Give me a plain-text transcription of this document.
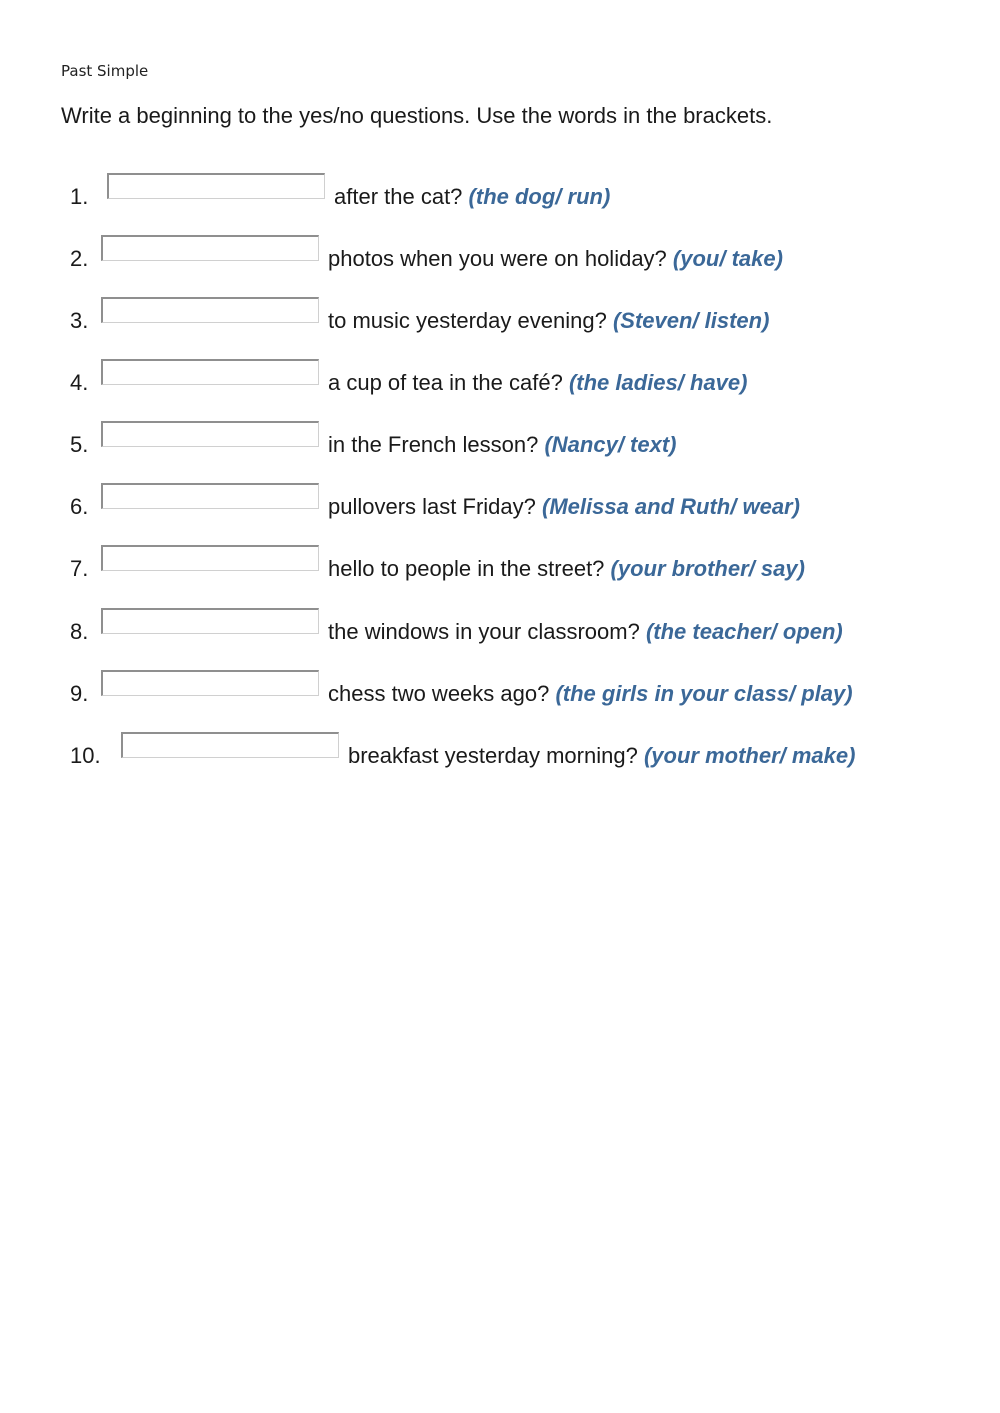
Past Simple
Write a beginning to the yes/no questions. Use the words in the brackets.
1.	after the cat? (the dog/ run)
2.	photos when you were on holiday? (you/ take)
3.	to music yesterday evening? (Steven/ listen)
4.	a cup of tea in the café? (the ladies/ have)
5.	in the French lesson? (Nancy/ text)
6.	pullovers last Friday? (Melissa and Ruth/ wear)
7.	hello to people in the street? (your brother/ say)
8.	the windows in your classroom? (the teacher/ open)
9.	chess two weeks ago? (the girls in your class/ play)
10.	breakfast yesterday morning? (your mother/ make)
